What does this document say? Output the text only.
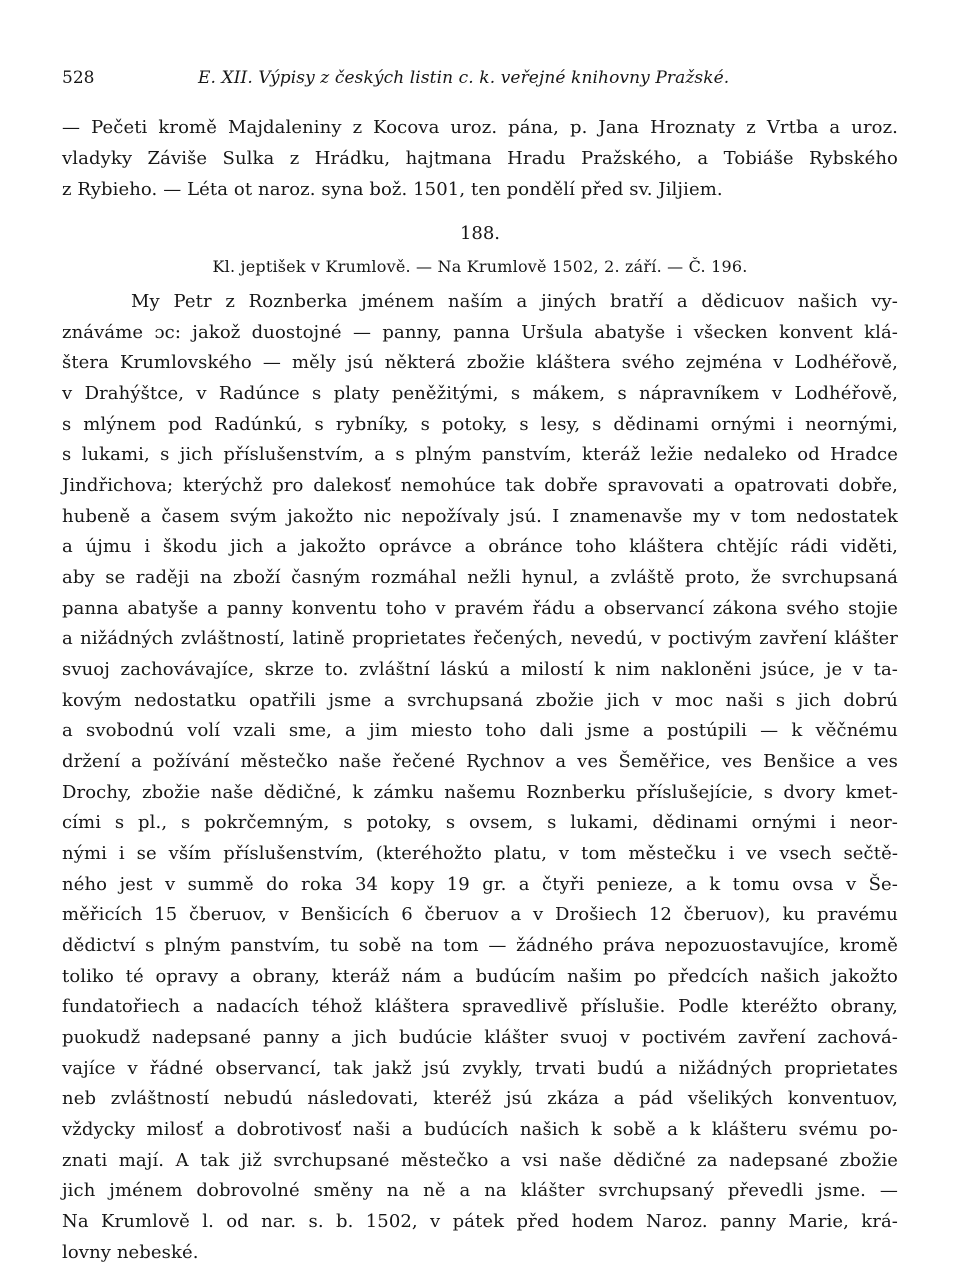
528	E. XII. Výpisy z českých listin c. k. veřejné knihovny Pražské.
— Pečeti kromě Majdaleniny z Kocova uroz. pána, p. Jana Hroznaty z Vrtba a uroz.
vladyky Záviše Sulka z Hrádku, hajtmana Hradu Pražského, a Tobiáše Rybského
z Rybieho. — Léta ot naroz. syna bož. 1501, ten pondělí před sv. Jiljiem.
188.
Kl. jeptišek v Krumlově. — Na Krumlově 1502, 2. září. — Č. 196.
My Petr z Roznberka jménem naším a jiných bratří a dědicuov našich vy-
znáváme ɔc: jakož duostojné — panny, panna Uršula abatyše i všecken konvent klá-
štera Krumlovského — měly jsú některá zbožie kláštera svého zejména v Lodhéřově,
v Drahýštce, v Radúnce s platy peněžitými, s mákem, s nápravníkem v Lodhéřově,
s mlýnem pod Radúnkú, s rybníky, s potoky, s lesy, s dědinami ornými i neornými,
s lukami, s jich příslušenstvím, a s plným panstvím, kteráž ležie nedaleko od Hradce
Jindřichova; kterýchž pro dalekosť nemohúce tak dobře spravovati a opatrovati dobře,
hubeně a časem svým jakožto nic nepožívaly jsú. I znamenavše my v tom nedostatek
a újmu i škodu jich a jakožto oprávce a obránce toho kláštera chtějíc rádi viděti,
aby se raději na zboží časným rozmáhal nežli hynul, a zvláště proto, že svrchupsaná
panna abatyše a panny konventu toho v pravém řádu a observancí zákona svého stojie
a nižádných zvláštností, latině proprietates řečených, nevedú, v poctivým zavření klášter
svuoj zachovávajíce, skrze to. zvláštní láskú a milostí k nim nakloněni jsúce, je v ta-
kovým nedostatku opatřili jsme a svrchupsaná zbožie jich v moc naši s jich dobrú
a svobodnú volí vzali sme, a jim miesto toho dali jsme a postúpili — k věčnému
držení a požívání městečko naše řečené Rychnov a ves Šeměřice, ves Benšice a ves
Drochy, zbožie naše dědičné, k zámku našemu Roznberku příslušejície, s dvory kmet-
cími s pl., s pokrčemným, s potoky, s ovsem, s lukami, dědinami ornými i neor-
nými i se vším příslušenstvím, (kteréhožto platu, v tom městečku i ve vsech sečtě-
ného jest v summě do roka 34 kopy 19 gr. a čtyři penieze, a k tomu ovsa v Še-
měřicích 15 čberuov, v Benšicích 6 čberuov a v Drošiech 12 čberuov), ku pravému
dědictví s plným panstvím, tu sobě na tom — žádného práva nepozuostavujíce, kromě
toliko té opravy a obrany, kteráž nám a budúcím našim po předcích našich jakožto
fundatořiech a nadacích téhož kláštera spravedlivě příslušie. Podle kteréžto obrany,
puokudž nadepsané panny a jich budúcie klášter svuoj v poctivém zavření zachová-
vajíce v řádné observancí, tak jakž jsú zvykly, trvati budú a nižádných proprietates
neb zvláštností nebudú následovati, kteréž jsú zkáza a pád všelikých konventuov,
vždycky milosť a dobrotivosť naši a budúcích našich k sobě a k klášteru svému po-
znati mají. A tak již svrchupsané městečko a vsi naše dědičné za nadepsané zbožie
jich jménem dobrovolné směny na ně a na klášter svrchupsaný převedli jsme. —
Na Krumlově l. od nar. s. b. 1502, v pátek před hodem Naroz. panny Marie, krá-
lovny nebeské.
